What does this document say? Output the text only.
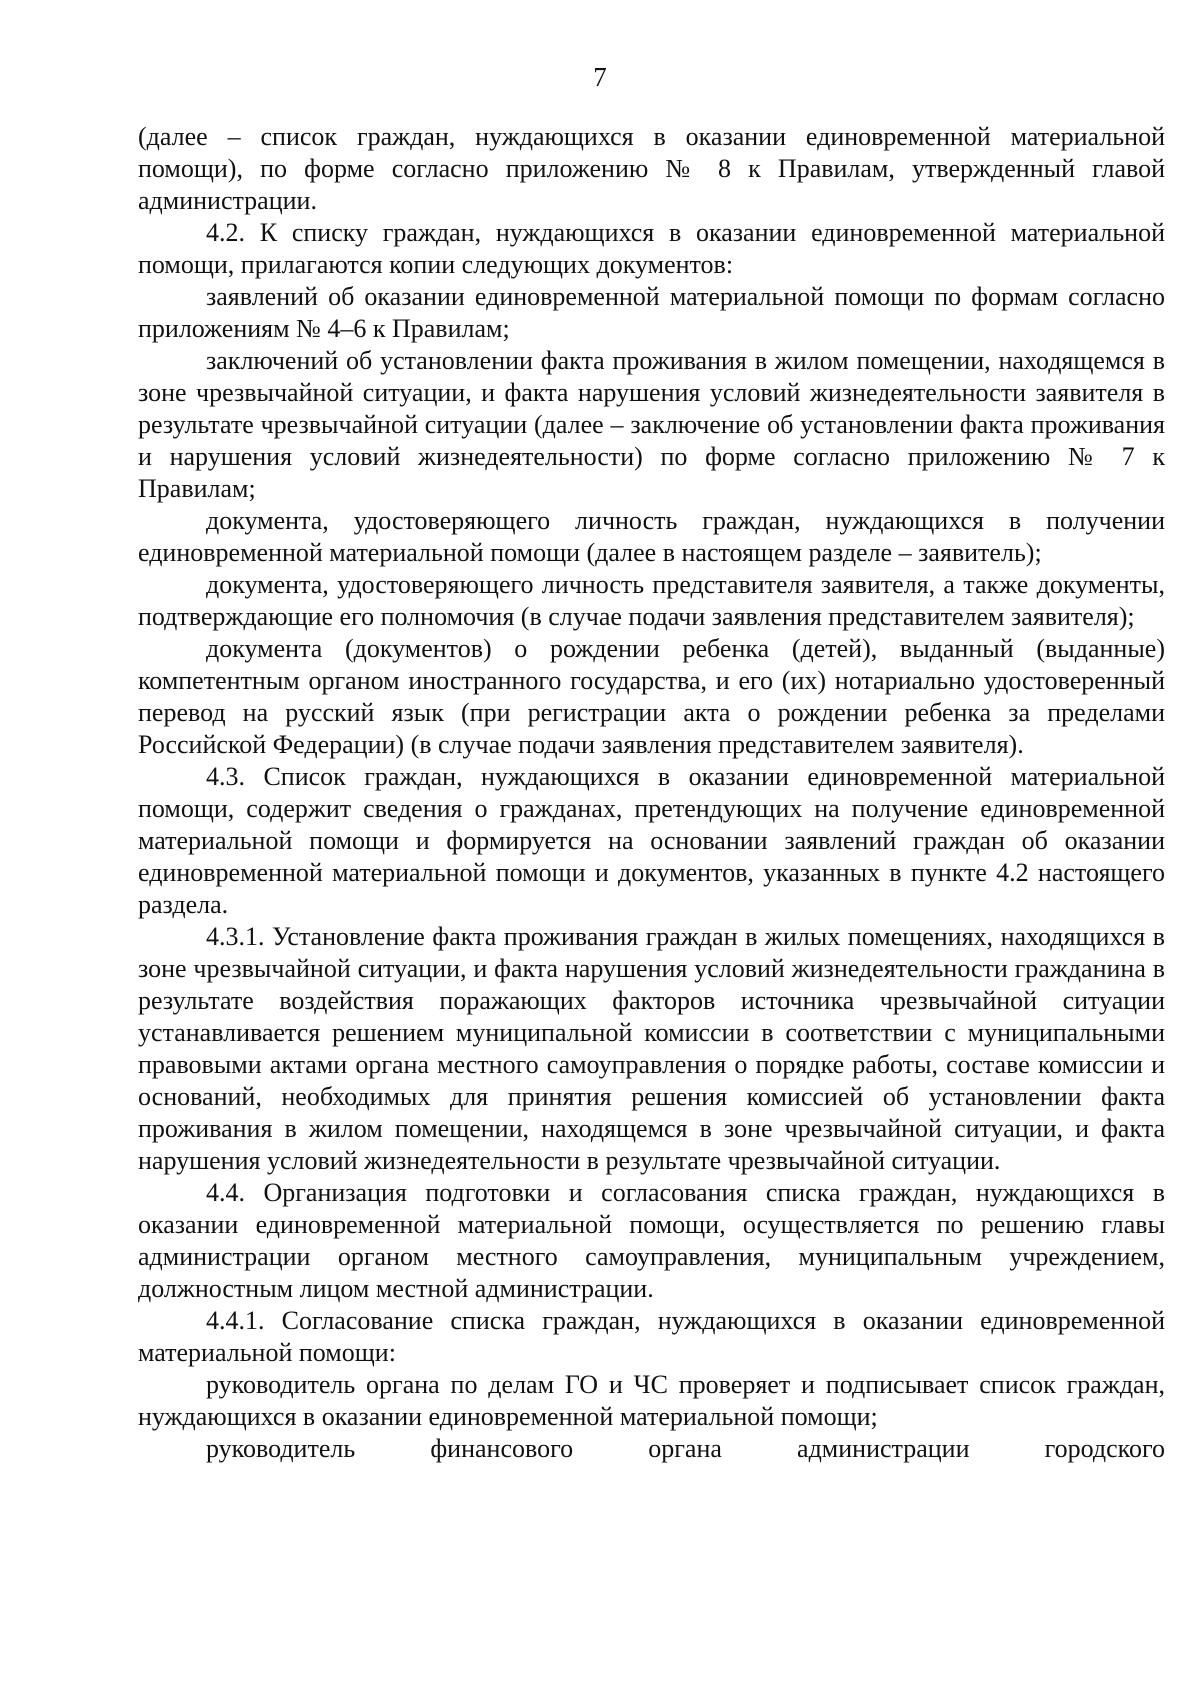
7

(далее – список граждан, нуждающихся в оказании единовременной материальной помощи), по форме согласно приложению № 8 к Правилам, утвержденный главой администрации.

4.2. К списку граждан, нуждающихся в оказании единовременной материальной помощи, прилагаются копии следующих документов:

заявлений об оказании единовременной материальной помощи по формам согласно приложениям № 4–6 к Правилам;

заключений об установлении факта проживания в жилом помещении, находящемся в зоне чрезвычайной ситуации, и факта нарушения условий жизнедеятельности заявителя в результате чрезвычайной ситуации (далее – заключение об установлении факта проживания и нарушения условий жизнедеятельности) по форме согласно приложению № 7 к Правилам;

документа, удостоверяющего личность граждан, нуждающихся в получении единовременной материальной помощи (далее в настоящем разделе – заявитель);

документа, удостоверяющего личность представителя заявителя, а также документы, подтверждающие его полномочия (в случае подачи заявления представителем заявителя);

документа (документов) о рождении ребенка (детей), выданный (выданные) компетентным органом иностранного государства, и его (их) нотариально удостоверенный перевод на русский язык (при регистрации акта о рождении ребенка за пределами Российской Федерации) (в случае подачи заявления представителем заявителя).

4.3. Список граждан, нуждающихся в оказании единовременной материальной помощи, содержит сведения о гражданах, претендующих на получение единовременной материальной помощи и формируется на основании заявлений граждан об оказании единовременной материальной помощи и документов, указанных в пункте 4.2 настоящего раздела.

4.3.1. Установление факта проживания граждан в жилых помещениях, находящихся в зоне чрезвычайной ситуации, и факта нарушения условий жизнедеятельности гражданина в результате воздействия поражающих факторов источника чрезвычайной ситуации устанавливается решением муниципальной комиссии в соответствии с муниципальными правовыми актами органа местного самоуправления о порядке работы, составе комиссии и оснований, необходимых для принятия решения комиссией об установлении факта проживания в жилом помещении, находящемся в зоне чрезвычайной ситуации, и факта нарушения условий жизнедеятельности в результате чрезвычайной ситуации.

4.4. Организация подготовки и согласования списка граждан, нуждающихся в оказании единовременной материальной помощи, осуществляется по решению главы администрации органом местного самоуправления, муниципальным учреждением, должностным лицом местной администрации.

4.4.1. Согласование списка граждан, нуждающихся в оказании единовременной материальной помощи:

руководитель органа по делам ГО и ЧС проверяет и подписывает список граждан, нуждающихся в оказании единовременной материальной помощи;

руководитель финансового органа администрации городского
